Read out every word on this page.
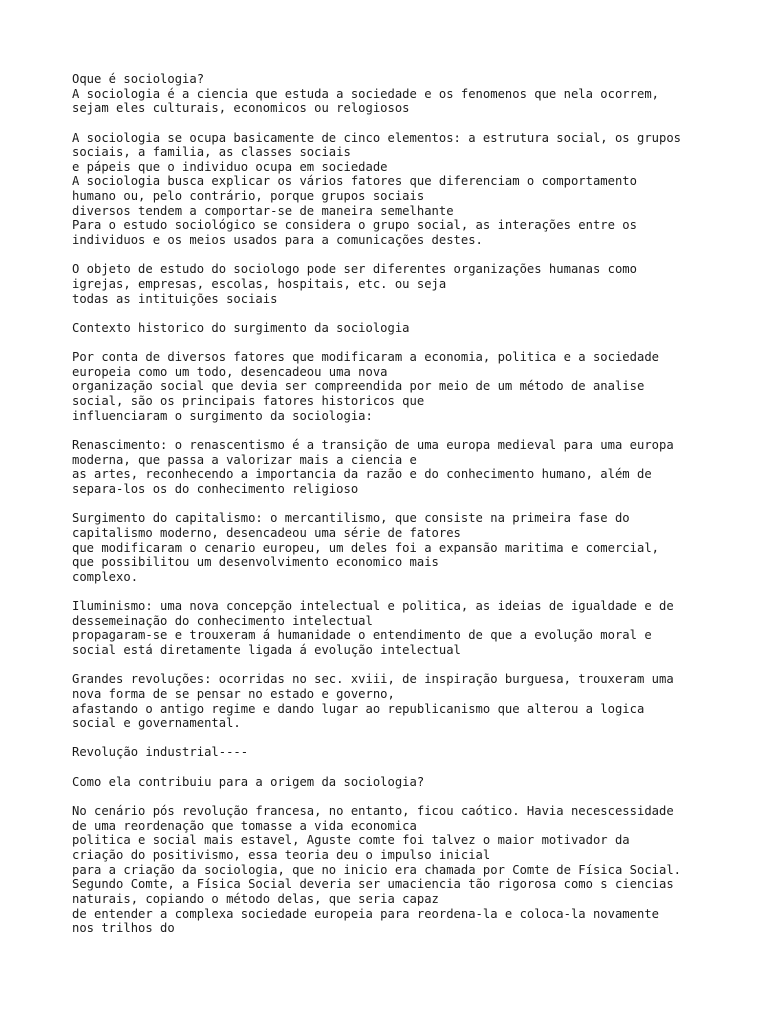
Oque é sociologia?
A sociologia é a ciencia que estuda a sociedade e os fenomenos que nela ocorrem,
sejam eles culturais, economicos ou relogiosos
A sociologia se ocupa basicamente de cinco elementos: a estrutura social, os grupos
sociais, a familia, as classes sociais
e pápeis que o individuo ocupa em sociedade
A sociologia busca explicar os vários fatores que diferenciam o comportamento
humano ou, pelo contrário, porque grupos sociais
diversos tendem a comportar-se de maneira semelhante
Para o estudo sociológico se considera o grupo social, as interações entre os
individuos e os meios usados para a comunicações destes.
O objeto de estudo do sociologo pode ser diferentes organizações humanas como
igrejas, empresas, escolas, hospitais, etc. ou seja
todas as intituições sociais
Contexto historico do surgimento da sociologia
Por conta de diversos fatores que modificaram a economia, politica e a sociedade
europeia como um todo, desencadeou uma nova
organização social que devia ser compreendida por meio de um método de analise
social, são os principais fatores historicos que
influenciaram o surgimento da sociologia:
Renascimento: o renascentismo é a transição de uma europa medieval para uma europa
moderna, que passa a valorizar mais a ciencia e
as artes, reconhecendo a importancia da razão e do conhecimento humano, além de
separa-los os do conhecimento religioso
Surgimento do capitalismo: o mercantilismo, que consiste na primeira fase do
capitalismo moderno, desencadeou uma série de fatores
que modificaram o cenario europeu, um deles foi a expansão maritima e comercial,
que possibilitou um desenvolvimento economico mais
complexo.
Iluminismo: uma nova concepção intelectual e politica, as ideias de igualdade e de
dessemeinação do conhecimento intelectual
propagaram-se e trouxeram á humanidade o entendimento de que a evolução moral e
social está diretamente ligada á evolução intelectual
Grandes revoluções: ocorridas no sec. xviii, de inspiração burguesa, trouxeram uma
nova forma de se pensar no estado e governo,
afastando o antigo regime e dando lugar ao republicanismo que alterou a logica
social e governamental.
Revolução industrial----
Como ela contribuiu para a origem da sociologia?
No cenário pós revolução francesa, no entanto, ficou caótico. Havia necescessidade
de uma reordenação que tomasse a vida economica
politica e social mais estavel, Aguste comte foi talvez o maior motivador da
criação do positivismo, essa teoria deu o impulso inicial
para a criação da sociologia, que no inicio era chamada por Comte de Física Social.
Segundo Comte, a Física Social deveria ser umaciencia tão rigorosa como s ciencias
naturais, copiando o método delas, que seria capaz
de entender a complexa sociedade europeia para reordena-la e coloca-la novamente
nos trilhos do
